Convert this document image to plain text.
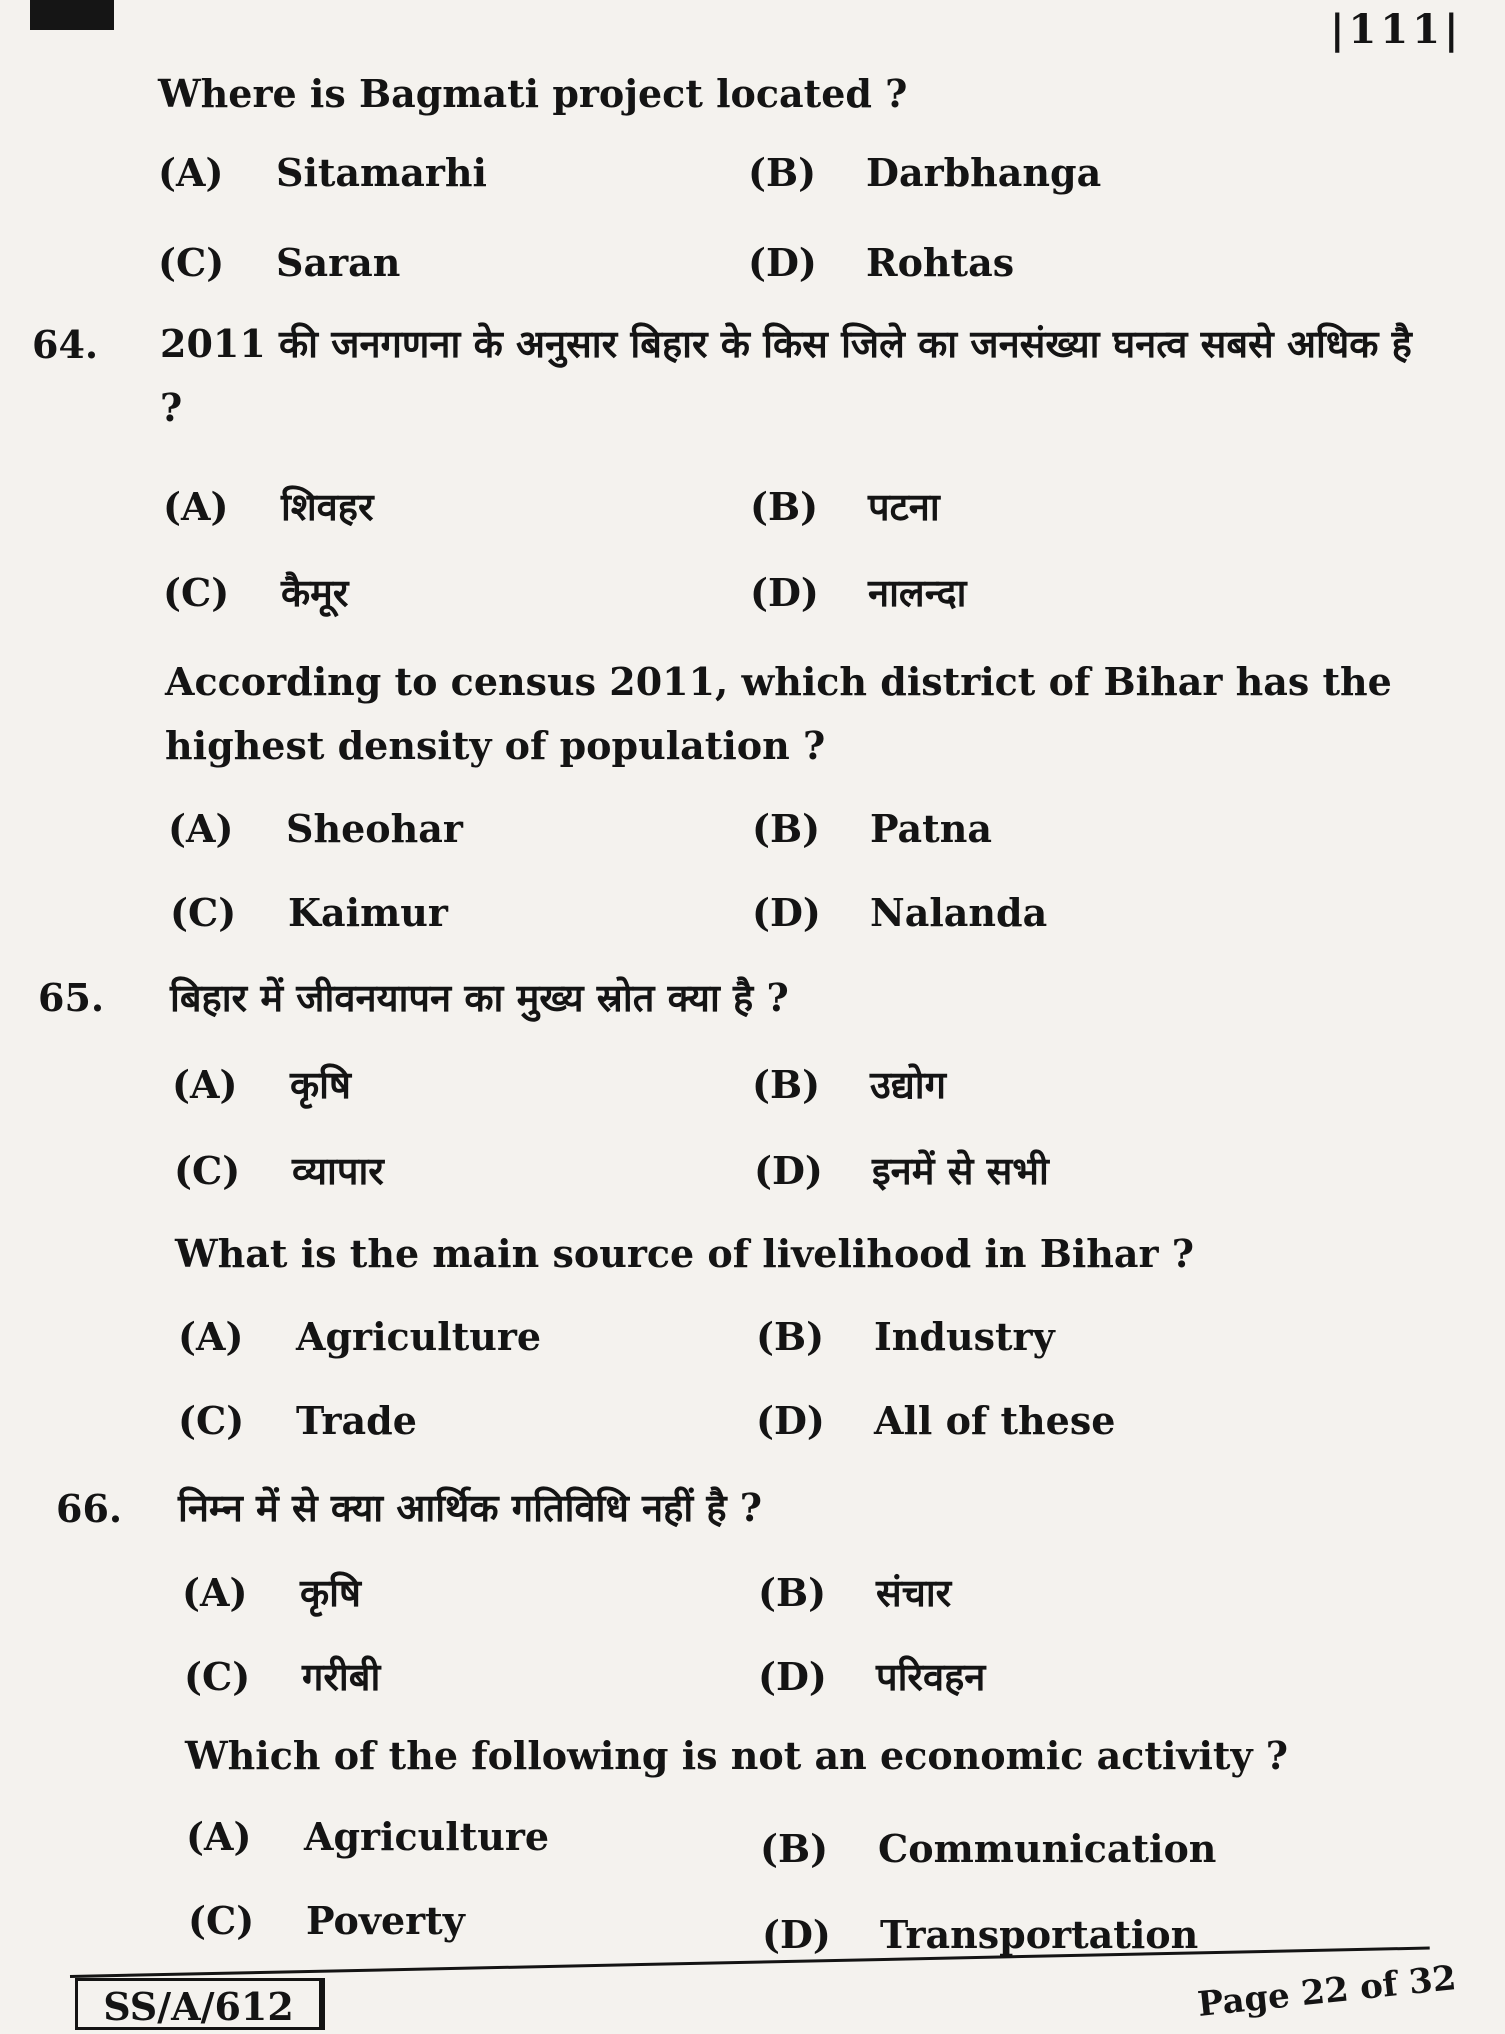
|111|
Where is Bagmati project located ?
(A) Sitamarhi	(B) Darbhanga
(C) Saran	(D) Rohtas
64. 2011 की जनगणना के अनुसार बिहार के किस जिले का जनसंख्या घनत्व सबसे अधिक है ?
(A) शिवहर	(B) पटना
(C) कैमूर	(D) नालन्दा
According to census 2011, which district of Bihar has the highest density of population ?
(A) Sheohar	(B) Patna
(C) Kaimur	(D) Nalanda
65. बिहार में जीवनयापन का मुख्य स्रोत क्या है ?
(A) कृषि	(B) उद्योग
(C) व्यापार	(D) इनमें से सभी
What is the main source of livelihood in Bihar ?
(A) Agriculture	(B) Industry
(C) Trade	(D) All of these
66. निम्न में से क्या आर्थिक गतिविधि नहीं है ?
(A) कृषि	(B) संचार
(C) गरीबी	(D) परिवहन
Which of the following is not an economic activity ?
(A) Agriculture	(B) Communication
(C) Poverty	(D) Transportation
SS/A/612	Page 22 of 32
